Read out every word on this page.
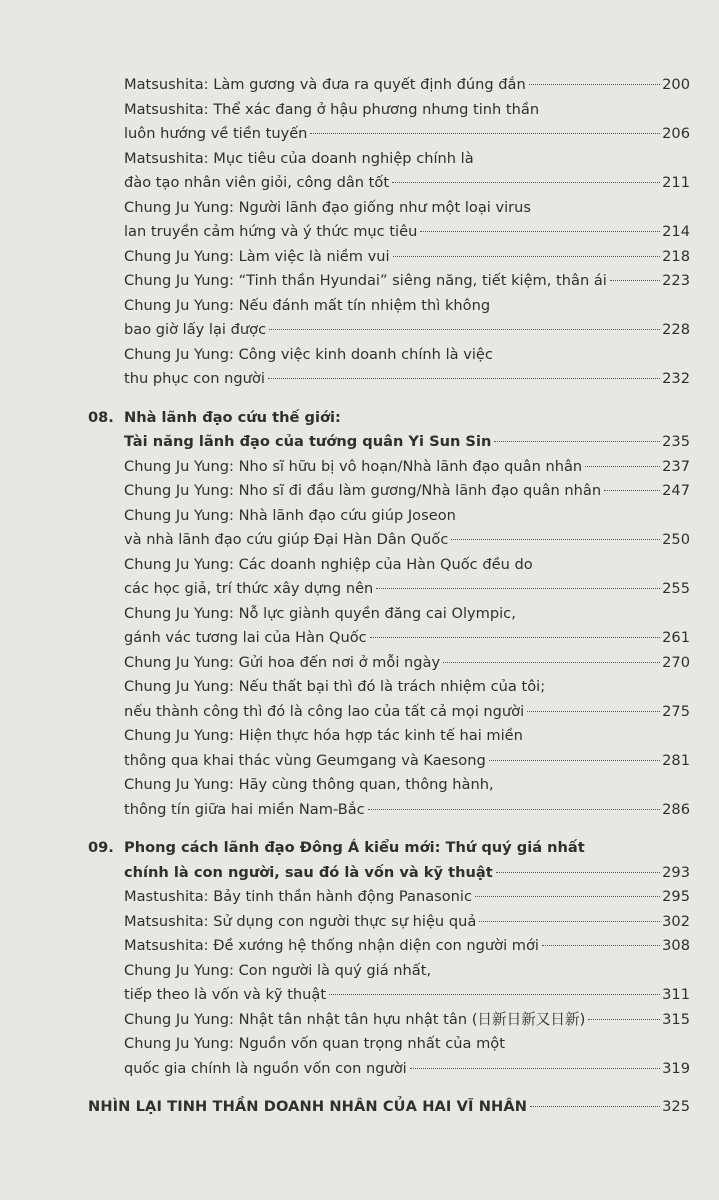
Matsushita: Làm gương và đưa ra quyết định đúng đắn	200
Matsushita: Thể xác đang ở hậu phương nhưng tinh thần
luôn hướng về tiền tuyến	206
Matsushita: Mục tiêu của doanh nghiệp chính là
đào tạo nhân viên giỏi, công dân tốt	211
Chung Ju Yung: Người lãnh đạo giống như một loại virus
lan truyền cảm hứng và ý thức mục tiêu	214
Chung Ju Yung: Làm việc là niềm vui	218
Chung Ju Yung: “Tinh thần Hyundai” siêng năng, tiết kiệm, thân ái	223
Chung Ju Yung: Nếu đánh mất tín nhiệm thì không
bao giờ lấy lại được	228
Chung Ju Yung: Công việc kinh doanh chính là việc
thu phục con người	232
08. Nhà lãnh đạo cứu thế giới:
Tài năng lãnh đạo của tướng quân Yi Sun Sin	235
Chung Ju Yung: Nho sĩ hữu bị vô hoạn/Nhà lãnh đạo quân nhân	237
Chung Ju Yung: Nho sĩ đi đầu làm gương/Nhà lãnh đạo quân nhân	247
Chung Ju Yung: Nhà lãnh đạo cứu giúp Joseon
và nhà lãnh đạo cứu giúp Đại Hàn Dân Quốc	250
Chung Ju Yung: Các doanh nghiệp của Hàn Quốc đều do
các học giả, trí thức xây dựng nên	255
Chung Ju Yung: Nỗ lực giành quyền đăng cai Olympic,
gánh vác tương lai của Hàn Quốc	261
Chung Ju Yung: Gửi hoa đến nơi ở mỗi ngày	270
Chung Ju Yung: Nếu thất bại thì đó là trách nhiệm của tôi;
nếu thành công thì đó là công lao của tất cả mọi người	275
Chung Ju Yung: Hiện thực hóa hợp tác kinh tế hai miền
thông qua khai thác vùng Geumgang và Kaesong	281
Chung Ju Yung: Hãy cùng thông quan, thông hành,
thông tín giữa hai miền Nam-Bắc	286
09. Phong cách lãnh đạo Đông Á kiểu mới: Thứ quý giá nhất
chính là con người, sau đó là vốn và kỹ thuật	293
Mastushita: Bảy tinh thần hành động Panasonic	295
Matsushita: Sử dụng con người thực sự hiệu quả	302
Matsushita: Đề xướng hệ thống nhận diện con người mới	308
Chung Ju Yung: Con người là quý giá nhất,
tiếp theo là vốn và kỹ thuật	311
Chung Ju Yung: Nhật tân nhật tân hựu nhật tân (日新日新又日新)	315
Chung Ju Yung: Nguồn vốn quan trọng nhất của một
quốc gia chính là nguồn vốn con người	319
NHÌN LẠI TINH THẦN DOANH NHÂN CỦA HAI VĨ NHÂN	325
